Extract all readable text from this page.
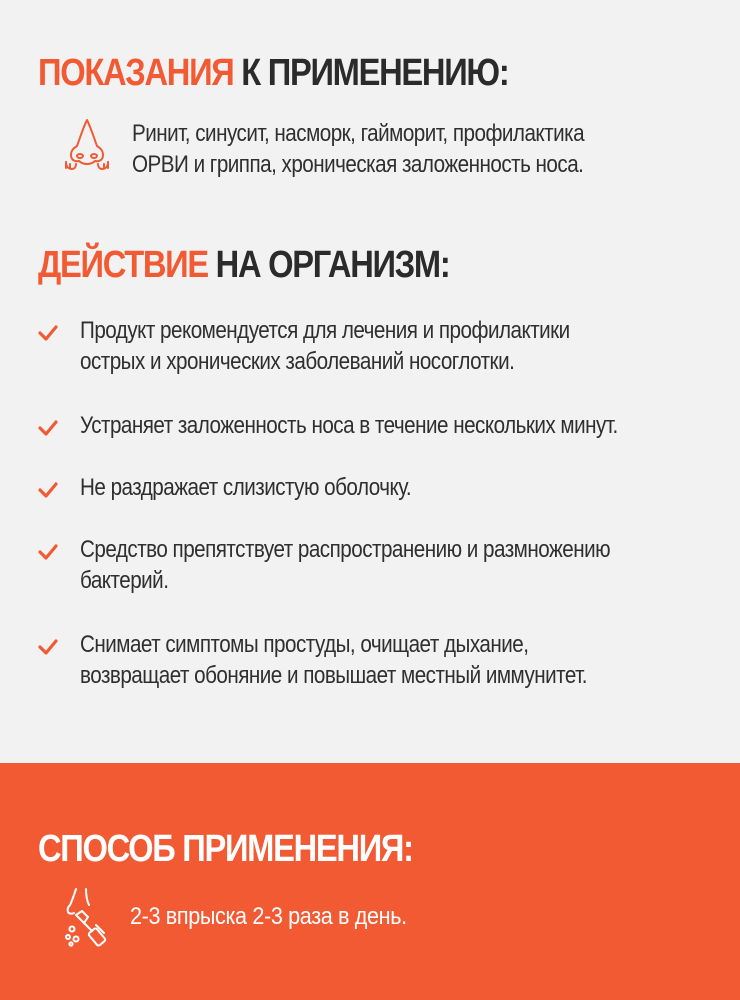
ПОКАЗАНИЯ К ПРИМЕНЕНИЮ:
Ринит, синусит, насморк, гайморит, профилактика
ОРВИ и гриппа, хроническая заложенность носа.
ДЕЙСТВИЕ НА ОРГАНИЗМ:
Продукт рекомендуется для лечения и профилактики
острых и хронических заболеваний носоглотки.
Устраняет заложенность носа в течение нескольких минут.
Не раздражает слизистую оболочку.
Средство препятствует распространению и размножению
бактерий.
Снимает симптомы простуды, очищает дыхание,
возвращает обоняние и повышает местный иммунитет.
СПОСОБ ПРИМЕНЕНИЯ:
2-3 впрыска 2-3 раза в день.
